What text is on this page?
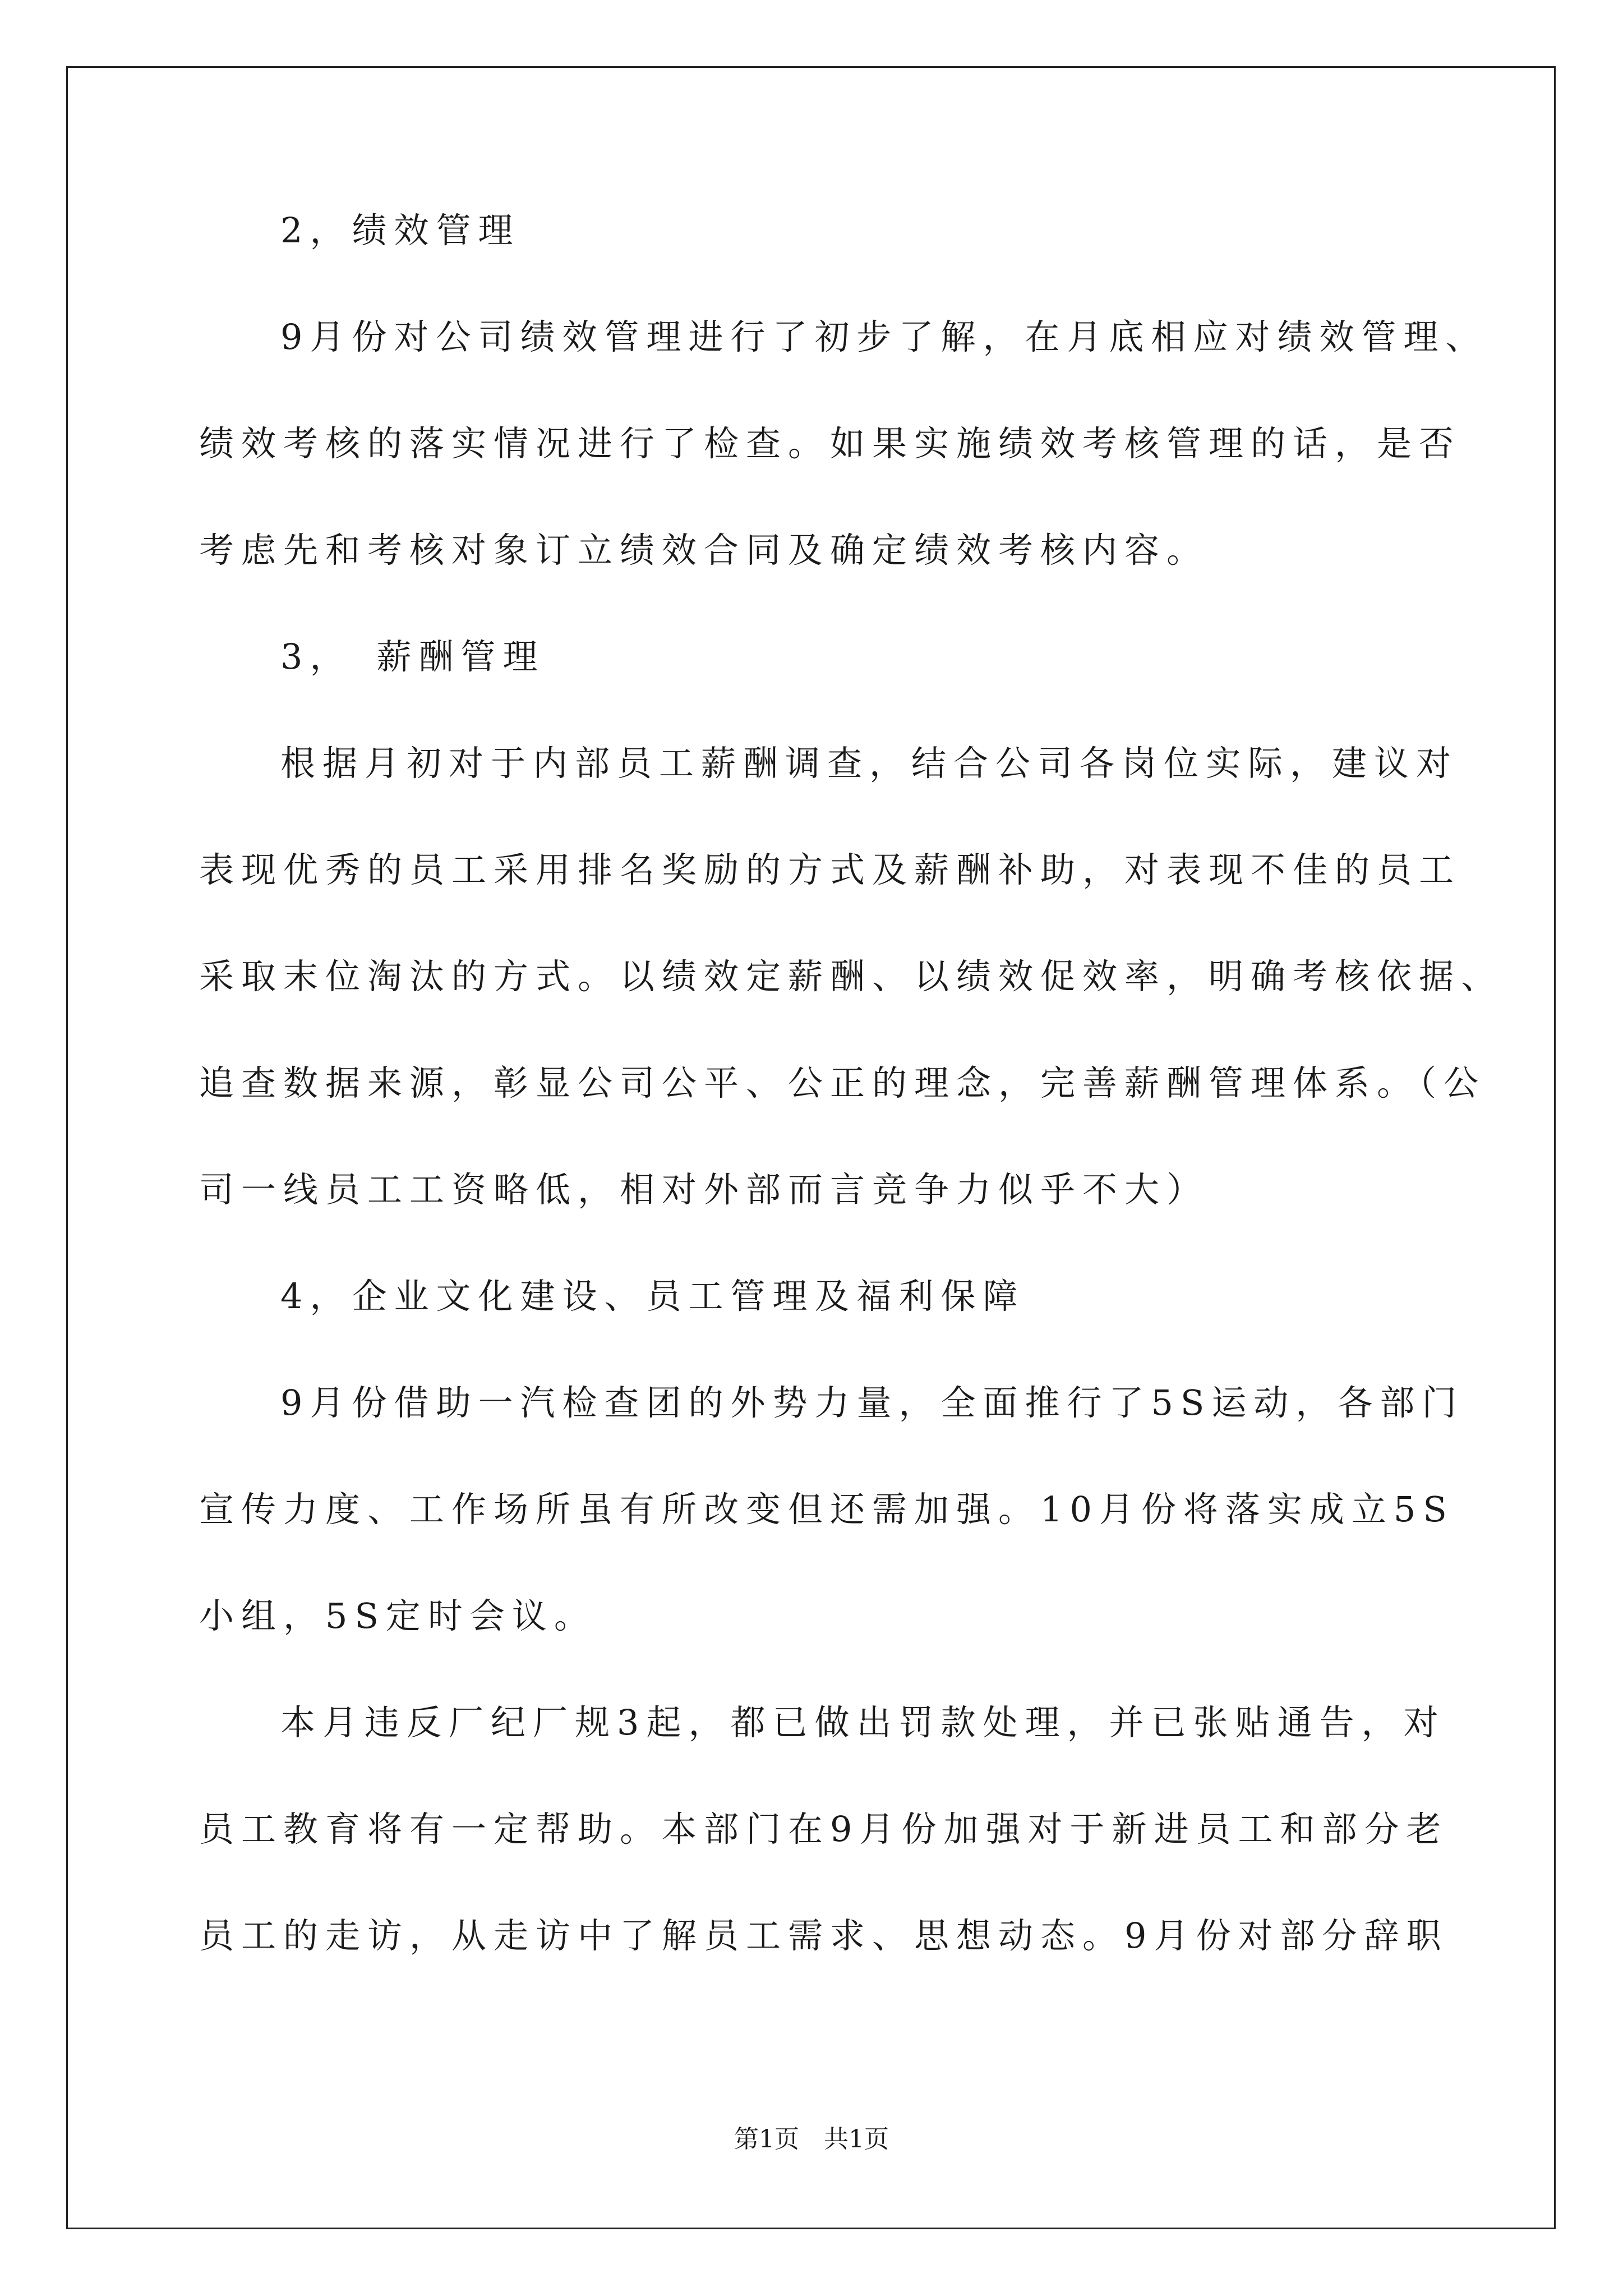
2，绩效管理
9月份对公司绩效管理进行了初步了解，在月底相应对绩效管理、
绩效考核的落实情况进行了检查。如果实施绩效考核管理的话，是否
考虑先和考核对象订立绩效合同及确定绩效考核内容。
3，　薪酬管理
根据月初对于内部员工薪酬调查，结合公司各岗位实际，建议对
表现优秀的员工采用排名奖励的方式及薪酬补助，对表现不佳的员工
采取末位淘汰的方式。以绩效定薪酬、以绩效促效率，明确考核依据、
追查数据来源，彰显公司公平、公正的理念，完善薪酬管理体系。（公
司一线员工工资略低，相对外部而言竞争力似乎不大）
4，企业文化建设、员工管理及福利保障
9月份借助一汽检查团的外势力量，全面推行了5S运动，各部门
宣传力度、工作场所虽有所改变但还需加强。10月份将落实成立5S
小组，5S定时会议。
本月违反厂纪厂规3起，都已做出罚款处理，并已张贴通告，对
员工教育将有一定帮助。本部门在9月份加强对于新进员工和部分老
员工的走访，从走访中了解员工需求、思想动态。9月份对部分辞职
第1页　共1页
